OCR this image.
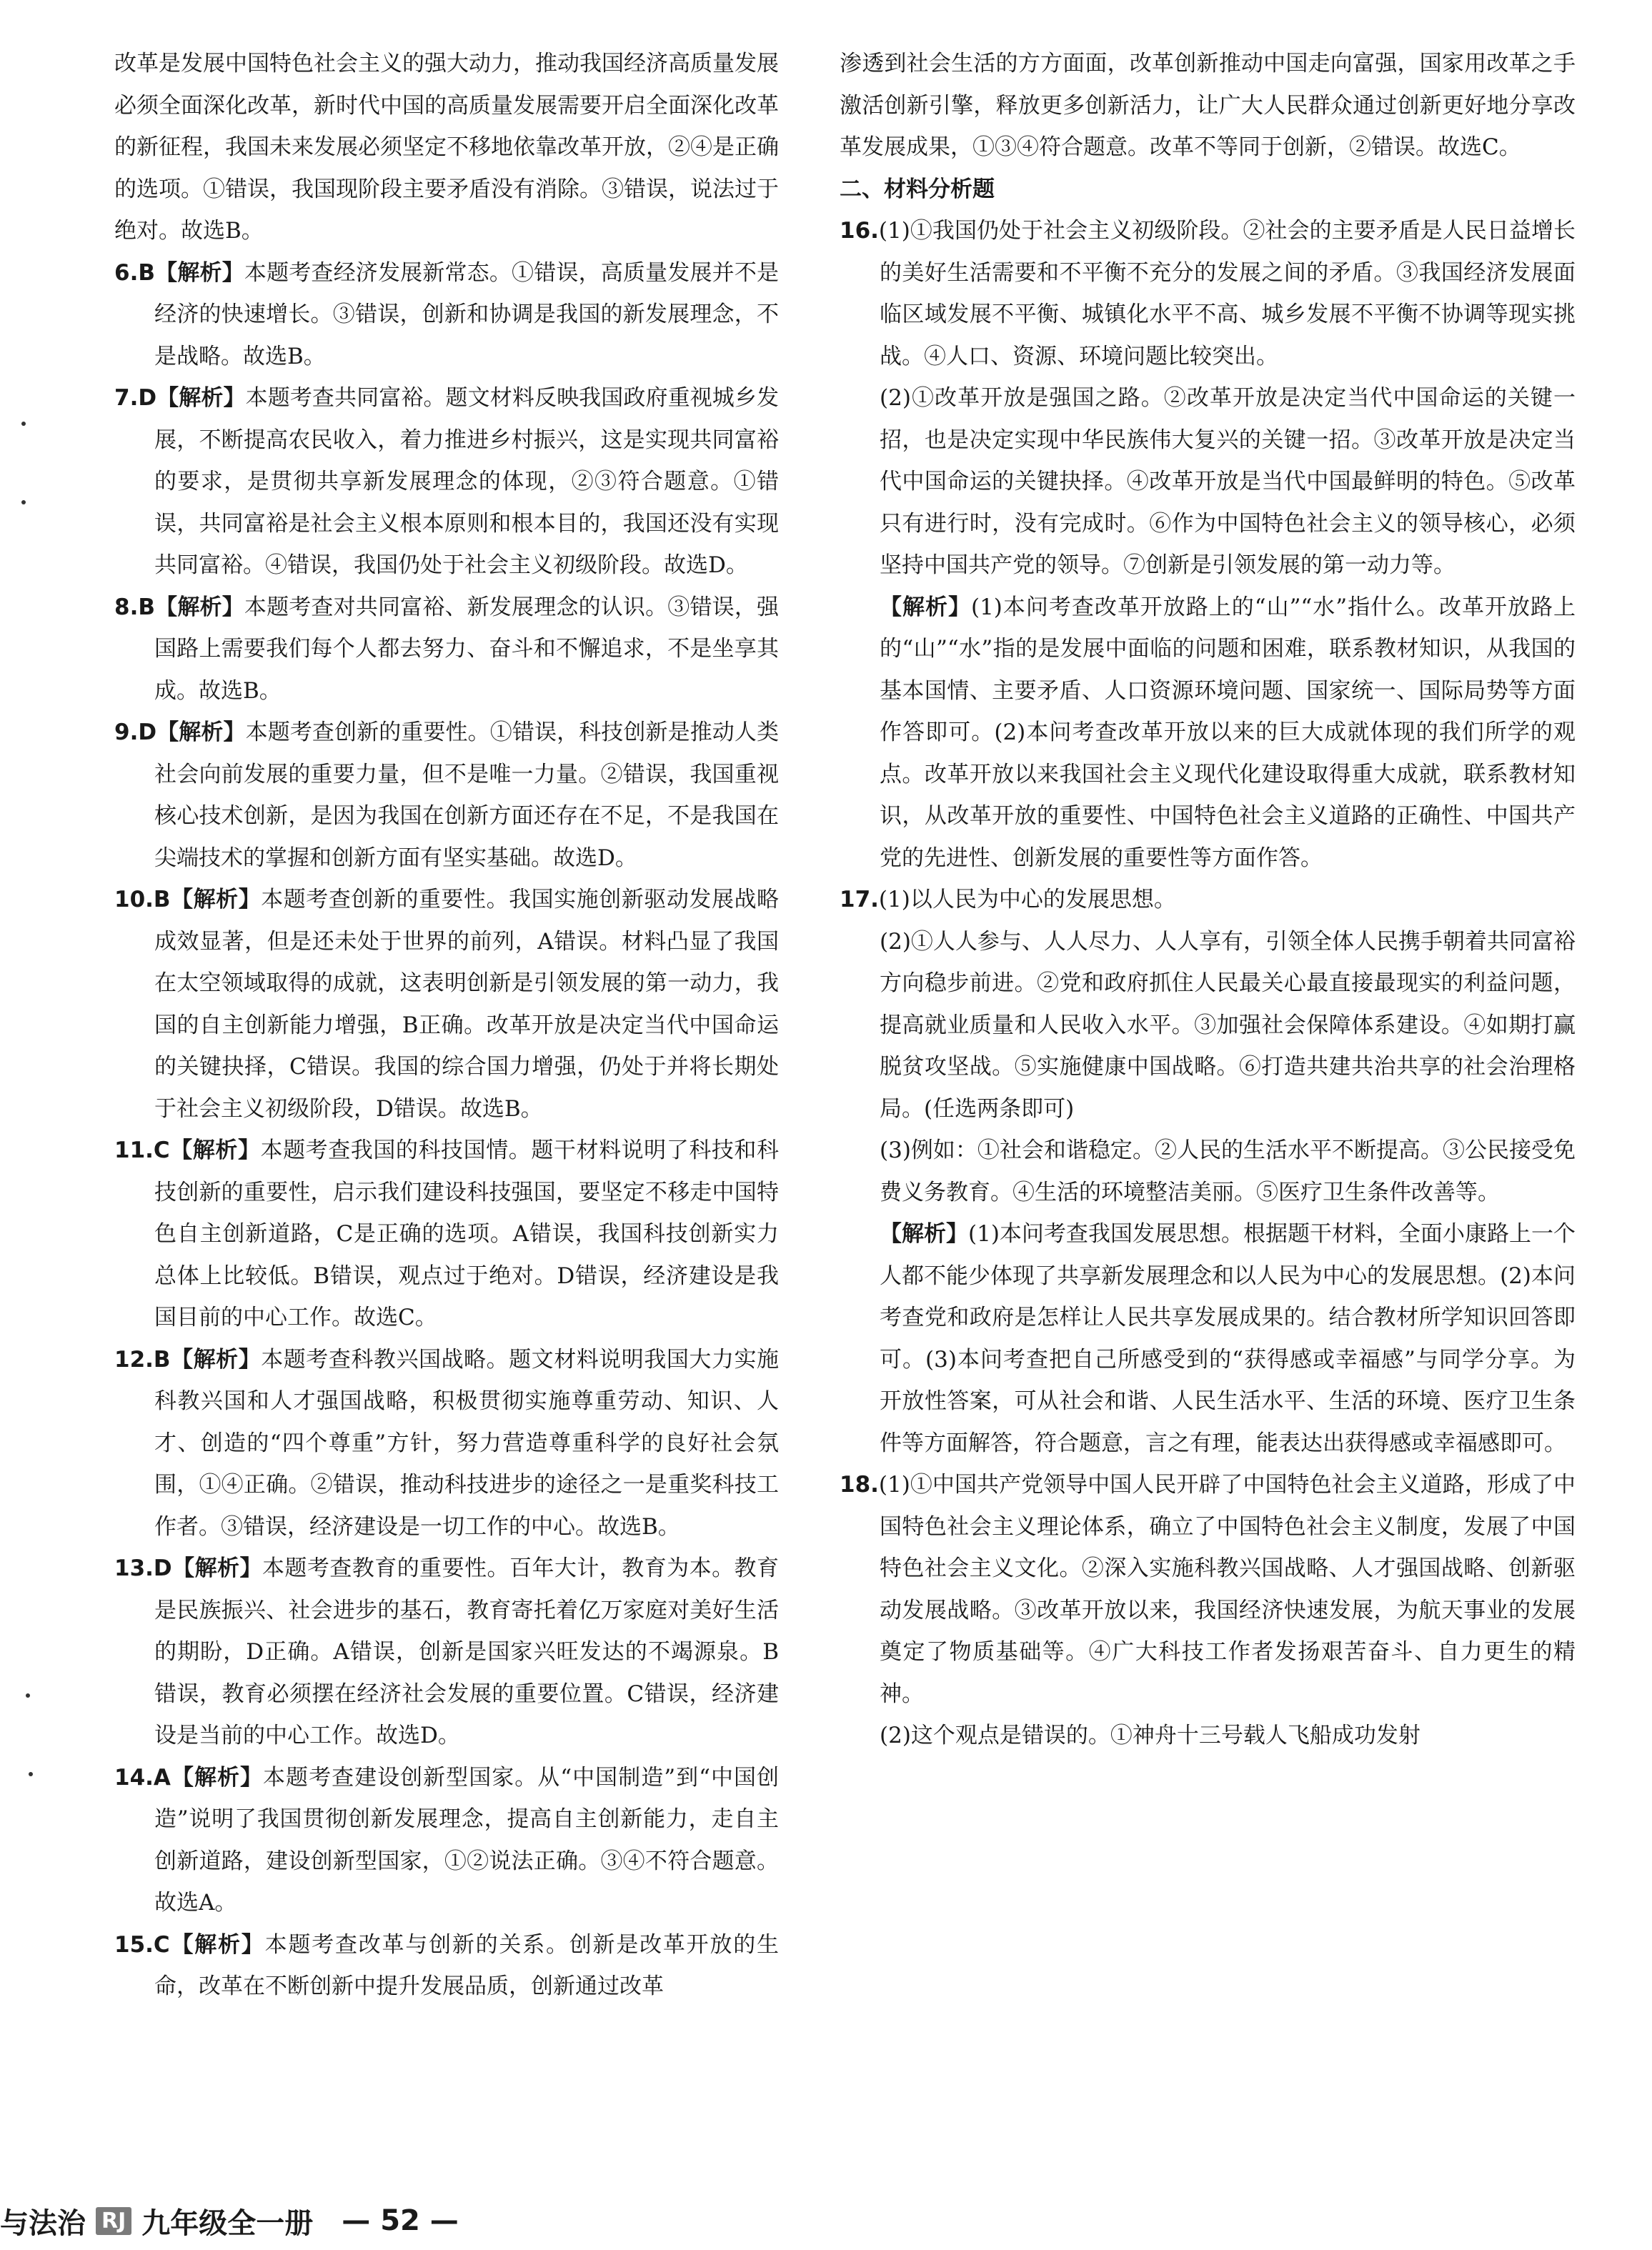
改革是发展中国特色社会主义的强大动力，推动我国经济高质量发展必须全面深化改革，新时代中国的高质量发展需要开启全面深化改革的新征程，我国未来发展必须坚定不移地依靠改革开放，②④是正确的选项。①错误，我国现阶段主要矛盾没有消除。③错误，说法过于绝对。故选B。

6.B【解析】本题考查经济发展新常态。①错误，高质量发展并不是经济的快速增长。③错误，创新和协调是我国的新发展理念，不是战略。故选B。

7.D【解析】本题考查共同富裕。题文材料反映我国政府重视城乡发展，不断提高农民收入，着力推进乡村振兴，这是实现共同富裕的要求，是贯彻共享新发展理念的体现，②③符合题意。①错误，共同富裕是社会主义根本原则和根本目的，我国还没有实现共同富裕。④错误，我国仍处于社会主义初级阶段。故选D。

8.B【解析】本题考查对共同富裕、新发展理念的认识。③错误，强国路上需要我们每个人都去努力、奋斗和不懈追求，不是坐享其成。故选B。

9.D【解析】本题考查创新的重要性。①错误，科技创新是推动人类社会向前发展的重要力量，但不是唯一力量。②错误，我国重视核心技术创新，是因为我国在创新方面还存在不足，不是我国在尖端技术的掌握和创新方面有坚实基础。故选D。

10.B【解析】本题考查创新的重要性。我国实施创新驱动发展战略成效显著，但是还未处于世界的前列，A错误。材料凸显了我国在太空领域取得的成就，这表明创新是引领发展的第一动力，我国的自主创新能力增强，B正确。改革开放是决定当代中国命运的关键抉择，C错误。我国的综合国力增强，仍处于并将长期处于社会主义初级阶段，D错误。故选B。

11.C【解析】本题考查我国的科技国情。题干材料说明了科技和科技创新的重要性，启示我们建设科技强国，要坚定不移走中国特色自主创新道路，C是正确的选项。A错误，我国科技创新实力总体上比较低。B错误，观点过于绝对。D错误，经济建设是我国目前的中心工作。故选C。

12.B【解析】本题考查科教兴国战略。题文材料说明我国大力实施科教兴国和人才强国战略，积极贯彻实施尊重劳动、知识、人才、创造的“四个尊重”方针，努力营造尊重科学的良好社会氛围，①④正确。②错误，推动科技进步的途径之一是重奖科技工作者。③错误，经济建设是一切工作的中心。故选B。

13.D【解析】本题考查教育的重要性。百年大计，教育为本。教育是民族振兴、社会进步的基石，教育寄托着亿万家庭对美好生活的期盼，D正确。A错误，创新是国家兴旺发达的不竭源泉。B错误，教育必须摆在经济社会发展的重要位置。C错误，经济建设是当前的中心工作。故选D。

14.A【解析】本题考查建设创新型国家。从“中国制造”到“中国创造”说明了我国贯彻创新发展理念，提高自主创新能力，走自主创新道路，建设创新型国家，①②说法正确。③④不符合题意。故选A。

15.C【解析】本题考查改革与创新的关系。创新是改革开放的生命，改革在不断创新中提升发展品质，创新通过改革

渗透到社会生活的方方面面，改革创新推动中国走向富强，国家用改革之手激活创新引擎，释放更多创新活力，让广大人民群众通过创新更好地分享改革发展成果，①③④符合题意。改革不等同于创新，②错误。故选C。

二、材料分析题

16.(1)①我国仍处于社会主义初级阶段。②社会的主要矛盾是人民日益增长的美好生活需要和不平衡不充分的发展之间的矛盾。③我国经济发展面临区域发展不平衡、城镇化水平不高、城乡发展不平衡不协调等现实挑战。④人口、资源、环境问题比较突出。

(2)①改革开放是强国之路。②改革开放是决定当代中国命运的关键一招，也是决定实现中华民族伟大复兴的关键一招。③改革开放是决定当代中国命运的关键抉择。④改革开放是当代中国最鲜明的特色。⑤改革只有进行时，没有完成时。⑥作为中国特色社会主义的领导核心，必须坚持中国共产党的领导。⑦创新是引领发展的第一动力等。

【解析】(1)本问考查改革开放路上的“山”“水”指什么。改革开放路上的“山”“水”指的是发展中面临的问题和困难，联系教材知识，从我国的基本国情、主要矛盾、人口资源环境问题、国家统一、国际局势等方面作答即可。(2)本问考查改革开放以来的巨大成就体现的我们所学的观点。改革开放以来我国社会主义现代化建设取得重大成就，联系教材知识，从改革开放的重要性、中国特色社会主义道路的正确性、中国共产党的先进性、创新发展的重要性等方面作答。

17.(1)以人民为中心的发展思想。

(2)①人人参与、人人尽力、人人享有，引领全体人民携手朝着共同富裕方向稳步前进。②党和政府抓住人民最关心最直接最现实的利益问题，提高就业质量和人民收入水平。③加强社会保障体系建设。④如期打赢脱贫攻坚战。⑤实施健康中国战略。⑥打造共建共治共享的社会治理格局。(任选两条即可)

(3)例如：①社会和谐稳定。②人民的生活水平不断提高。③公民接受免费义务教育。④生活的环境整洁美丽。⑤医疗卫生条件改善等。

【解析】(1)本问考查我国发展思想。根据题干材料，全面小康路上一个人都不能少体现了共享新发展理念和以人民为中心的发展思想。(2)本问考查党和政府是怎样让人民共享发展成果的。结合教材所学知识回答即可。(3)本问考查把自己所感受到的“获得感或幸福感”与同学分享。为开放性答案，可从社会和谐、人民生活水平、生活的环境、医疗卫生条件等方面解答，符合题意，言之有理，能表达出获得感或幸福感即可。

18.(1)①中国共产党领导中国人民开辟了中国特色社会主义道路，形成了中国特色社会主义理论体系，确立了中国特色社会主义制度，发展了中国特色社会主义文化。②深入实施科教兴国战略、人才强国战略、创新驱动发展战略。③改革开放以来，我国经济快速发展，为航天事业的发展奠定了物质基础等。④广大科技工作者发扬艰苦奋斗、自力更生的精神。

(2)这个观点是错误的。①神舟十三号载人飞船成功发射

与法治 RJ 九年级全一册 — 52 —
